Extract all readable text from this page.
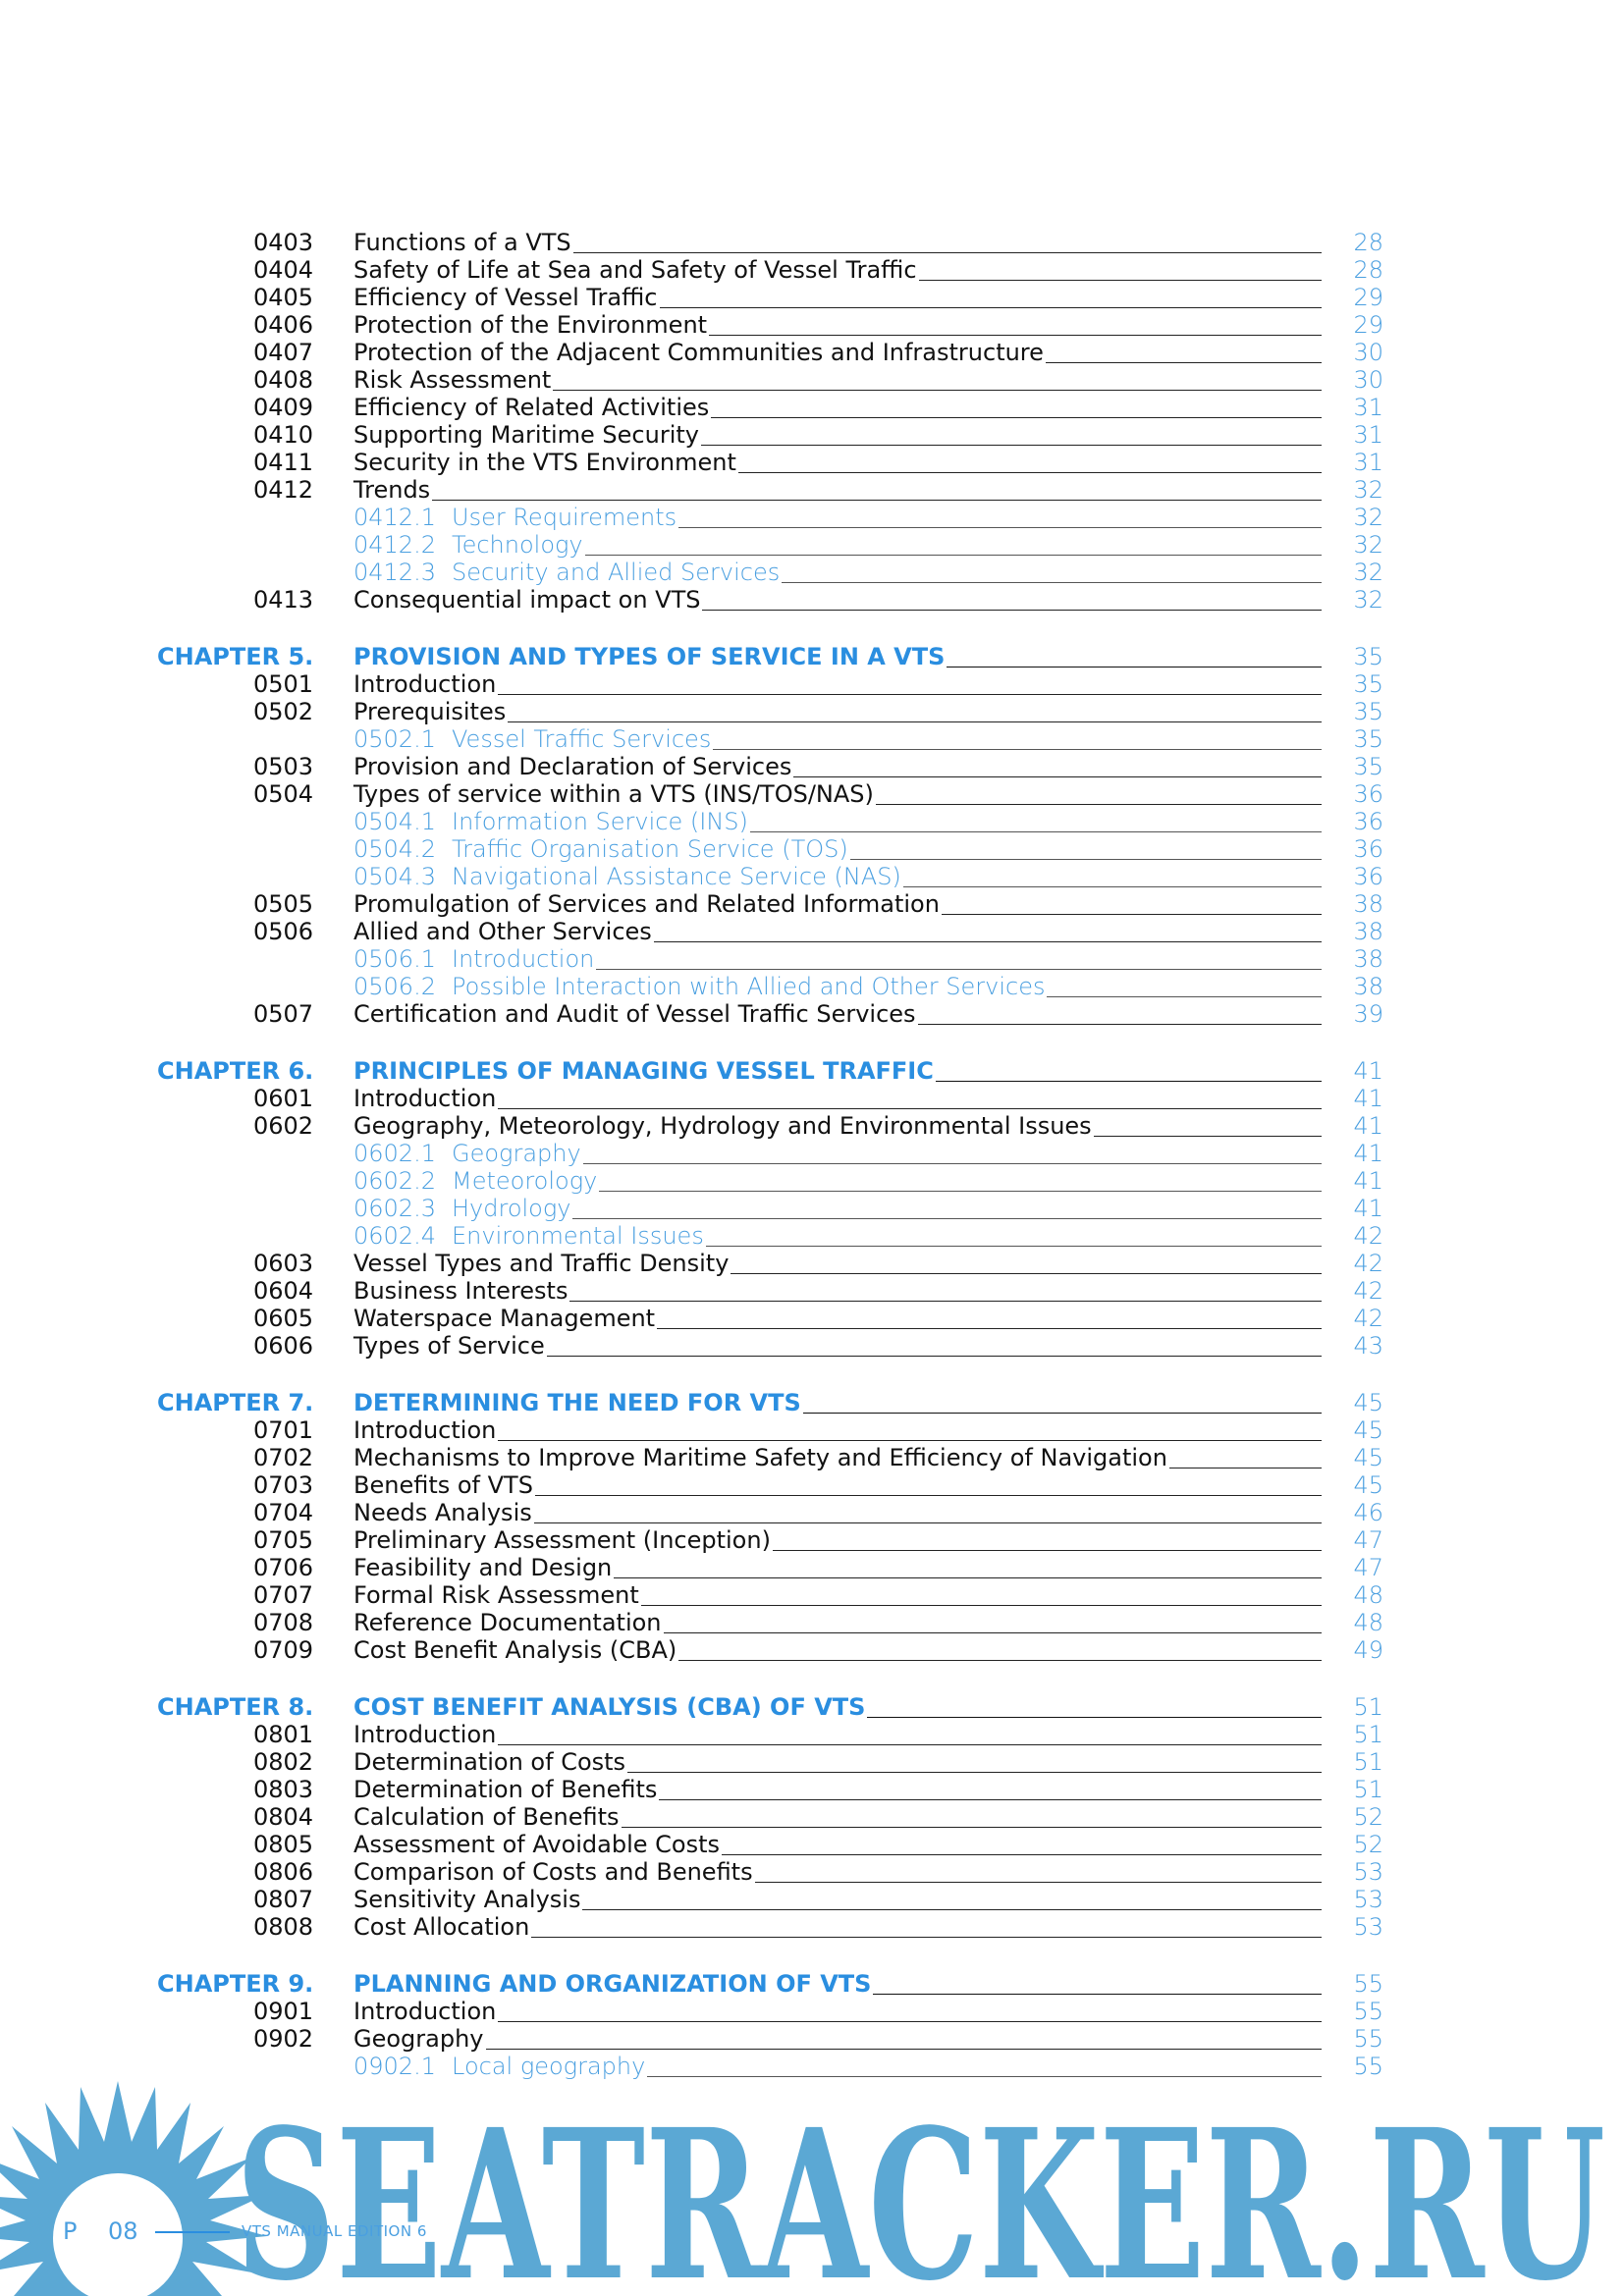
0403 Functions of a VTS	28
0404 Safety of Life at Sea and Safety of Vessel Traffic	28
0405 Efficiency of Vessel Traffic	29
0406 Protection of the Environment	29
0407 Protection of the Adjacent Communities and Infrastructure	30
0408 Risk Assessment	30
0409 Efficiency of Related Activities	31
0410 Supporting Maritime Security	31
0411 Security in the VTS Environment	31
0412 Trends	32
0412.1 User Requirements	32
0412.2 Technology	32
0412.3 Security and Allied Services	32
0413 Consequential impact on VTS	32
CHAPTER 5. PROVISION AND TYPES OF SERVICE IN A VTS	35
0501 Introduction	35
0502 Prerequisites	35
0502.1 Vessel Traffic Services	35
0503 Provision and Declaration of Services	35
0504 Types of service within a VTS (INS/TOS/NAS)	36
0504.1 Information Service (INS)	36
0504.2 Traffic Organisation Service (TOS)	36
0504.3 Navigational Assistance Service (NAS)	36
0505 Promulgation of Services and Related Information	38
0506 Allied and Other Services	38
0506.1 Introduction	38
0506.2 Possible Interaction with Allied and Other Services	38
0507 Certification and Audit of Vessel Traffic Services	39
CHAPTER 6. PRINCIPLES OF MANAGING VESSEL TRAFFIC	41
0601 Introduction	41
0602 Geography, Meteorology, Hydrology and Environmental Issues	41
0602.1 Geography	41
0602.2 Meteorology	41
0602.3 Hydrology	41
0602.4 Environmental Issues	42
0603 Vessel Types and Traffic Density	42
0604 Business Interests	42
0605 Waterspace Management	42
0606 Types of Service	43
CHAPTER 7. DETERMINING THE NEED FOR VTS	45
0701 Introduction	45
0702 Mechanisms to Improve Maritime Safety and Efficiency of Navigation	45
0703 Benefits of VTS	45
0704 Needs Analysis	46
0705 Preliminary Assessment (Inception)	47
0706 Feasibility and Design	47
0707 Formal Risk Assessment	48
0708 Reference Documentation	48
0709 Cost Benefit Analysis (CBA)	49
CHAPTER 8. COST BENEFIT ANALYSIS (CBA) OF VTS	51
0801 Introduction	51
0802 Determination of Costs	51
0803 Determination of Benefits	51
0804 Calculation of Benefits	52
0805 Assessment of Avoidable Costs	52
0806 Comparison of Costs and Benefits	53
0807 Sensitivity Analysis	53
0808 Cost Allocation	53
CHAPTER 9. PLANNING AND ORGANIZATION OF VTS	55
0901 Introduction	55
0902 Geography	55
0902.1 Local geography	55
SEATRACKER.RU
P 08	VTS MANUAL EDITION 6
